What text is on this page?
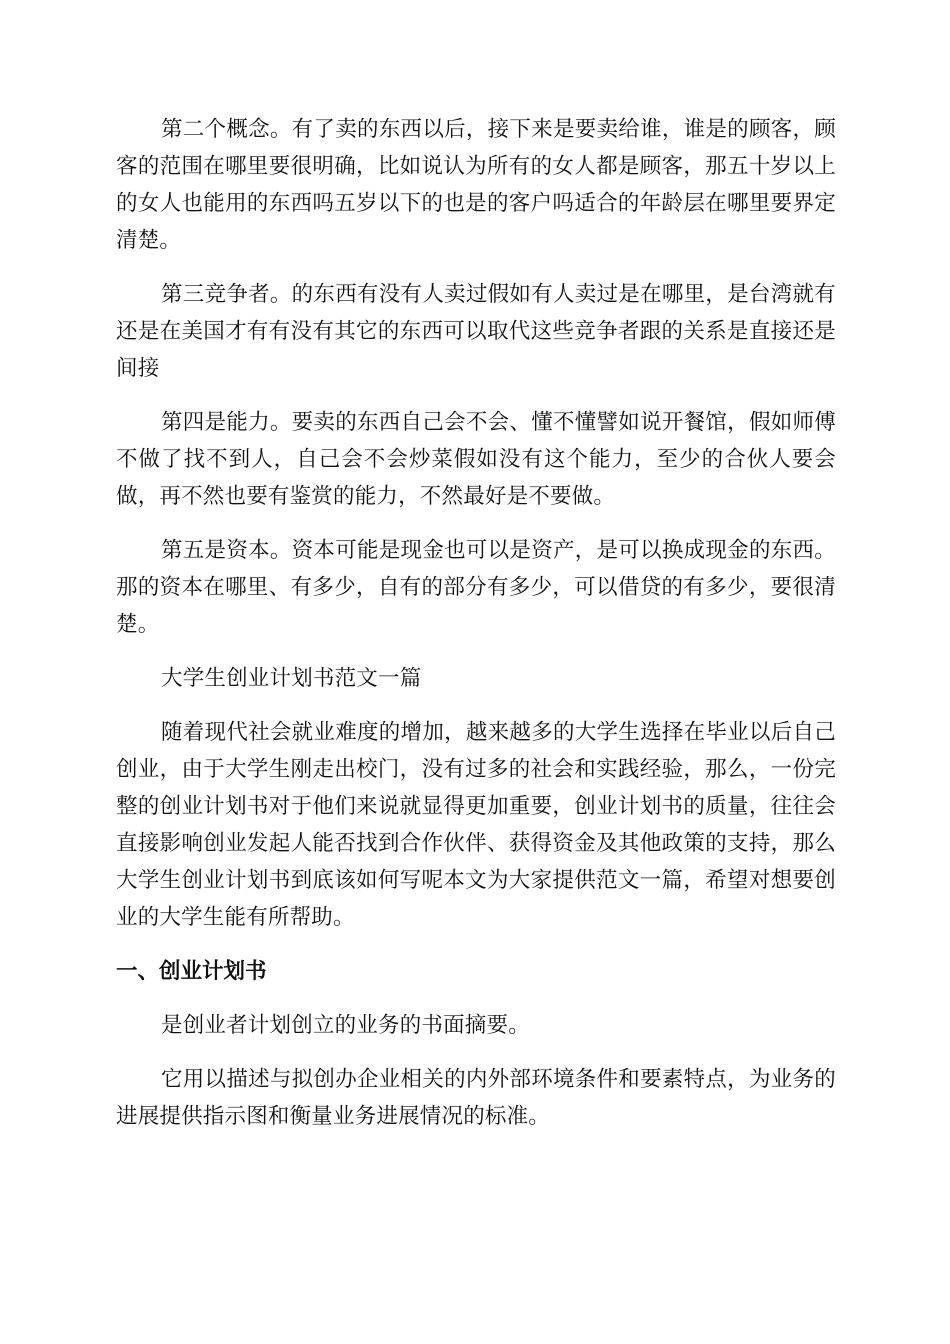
第二个概念。有了卖的东西以后，接下来是要卖给谁，谁是的顾客，顾客的范围在哪里要很明确，比如说认为所有的女人都是顾客，那五十岁以上的女人也能用的东西吗五岁以下的也是的客户吗适合的年龄层在哪里要界定清楚。

第三竞争者。的东西有没有人卖过假如有人卖过是在哪里，是台湾就有还是在美国才有有没有其它的东西可以取代这些竞争者跟的关系是直接还是间接

第四是能力。要卖的东西自己会不会、懂不懂譬如说开餐馆，假如师傅不做了找不到人，自己会不会炒菜假如没有这个能力，至少的合伙人要会做，再不然也要有鉴赏的能力，不然最好是不要做。

第五是资本。资本可能是现金也可以是资产，是可以换成现金的东西。那的资本在哪里、有多少，自有的部分有多少，可以借贷的有多少，要很清楚。

大学生创业计划书范文一篇

随着现代社会就业难度的增加，越来越多的大学生选择在毕业以后自己创业，由于大学生刚走出校门，没有过多的社会和实践经验，那么，一份完整的创业计划书对于他们来说就显得更加重要，创业计划书的质量，往往会直接影响创业发起人能否找到合作伙伴、获得资金及其他政策的支持，那么大学生创业计划书到底该如何写呢本文为大家提供范文一篇，希望对想要创业的大学生能有所帮助。

一、创业计划书

是创业者计划创立的业务的书面摘要。

它用以描述与拟创办企业相关的内外部环境条件和要素特点，为业务的进展提供指示图和衡量业务进展情况的标准。
